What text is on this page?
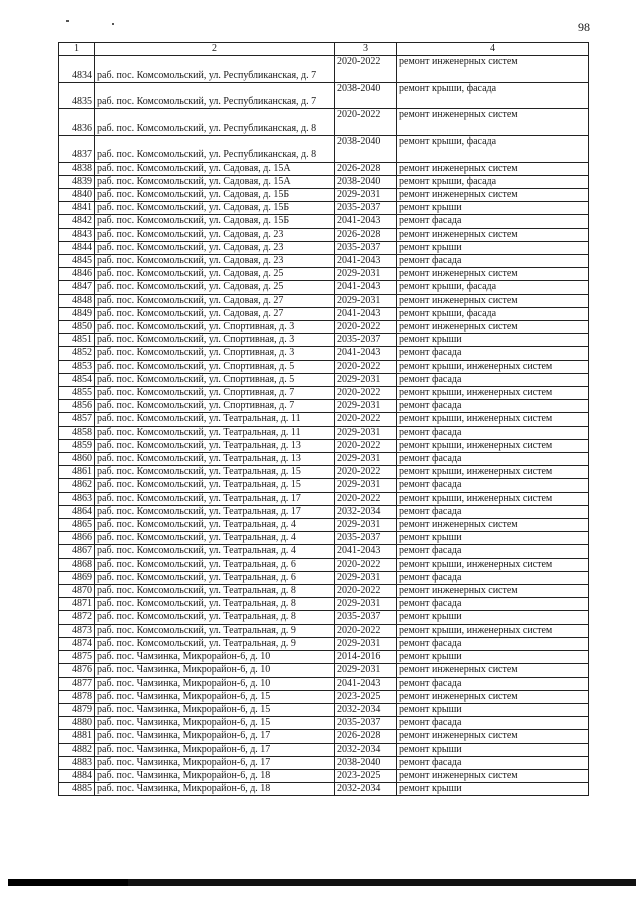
98
1	2	3	4
4834	раб. пос. Комсомольский, ул. Республиканская, д. 7	2020-2022	ремонт инженерных систем
4835	раб. пос. Комсомольский, ул. Республиканская, д. 7	2038-2040	ремонт крыши, фасада
4836	раб. пос. Комсомольский, ул. Республиканская, д. 8	2020-2022	ремонт инженерных систем
4837	раб. пос. Комсомольский, ул. Республиканская, д. 8	2038-2040	ремонт крыши, фасада
4838	раб. пос. Комсомольский, ул. Садовая, д. 15А	2026-2028	ремонт инженерных систем
4839	раб. пос. Комсомольский, ул. Садовая, д. 15А	2038-2040	ремонт крыши, фасада
4840	раб. пос. Комсомольский, ул. Садовая, д. 15Б	2029-2031	ремонт инженерных систем
4841	раб. пос. Комсомольский, ул. Садовая, д. 15Б	2035-2037	ремонт крыши
4842	раб. пос. Комсомольский, ул. Садовая, д. 15Б	2041-2043	ремонт фасада
4843	раб. пос. Комсомольский, ул. Садовая, д. 23	2026-2028	ремонт инженерных систем
4844	раб. пос. Комсомольский, ул. Садовая, д. 23	2035-2037	ремонт крыши
4845	раб. пос. Комсомольский, ул. Садовая, д. 23	2041-2043	ремонт фасада
4846	раб. пос. Комсомольский, ул. Садовая, д. 25	2029-2031	ремонт инженерных систем
4847	раб. пос. Комсомольский, ул. Садовая, д. 25	2041-2043	ремонт крыши, фасада
4848	раб. пос. Комсомольский, ул. Садовая, д. 27	2029-2031	ремонт инженерных систем
4849	раб. пос. Комсомольский, ул. Садовая, д. 27	2041-2043	ремонт крыши, фасада
4850	раб. пос. Комсомольский, ул. Спортивная, д. 3	2020-2022	ремонт инженерных систем
4851	раб. пос. Комсомольский, ул. Спортивная, д. 3	2035-2037	ремонт крыши
4852	раб. пос. Комсомольский, ул. Спортивная, д. 3	2041-2043	ремонт фасада
4853	раб. пос. Комсомольский, ул. Спортивная, д. 5	2020-2022	ремонт крыши, инженерных систем
4854	раб. пос. Комсомольский, ул. Спортивная, д. 5	2029-2031	ремонт фасада
4855	раб. пос. Комсомольский, ул. Спортивная, д. 7	2020-2022	ремонт крыши, инженерных систем
4856	раб. пос. Комсомольский, ул. Спортивная, д. 7	2029-2031	ремонт фасада
4857	раб. пос. Комсомольский, ул. Театральная, д. 11	2020-2022	ремонт крыши, инженерных систем
4858	раб. пос. Комсомольский, ул. Театральная, д. 11	2029-2031	ремонт фасада
4859	раб. пос. Комсомольский, ул. Театральная, д. 13	2020-2022	ремонт крыши, инженерных систем
4860	раб. пос. Комсомольский, ул. Театральная, д. 13	2029-2031	ремонт фасада
4861	раб. пос. Комсомольский, ул. Театральная, д. 15	2020-2022	ремонт крыши, инженерных систем
4862	раб. пос. Комсомольский, ул. Театральная, д. 15	2029-2031	ремонт фасада
4863	раб. пос. Комсомольский, ул. Театральная, д. 17	2020-2022	ремонт крыши, инженерных систем
4864	раб. пос. Комсомольский, ул. Театральная, д. 17	2032-2034	ремонт фасада
4865	раб. пос. Комсомольский, ул. Театральная, д. 4	2029-2031	ремонт инженерных систем
4866	раб. пос. Комсомольский, ул. Театральная, д. 4	2035-2037	ремонт крыши
4867	раб. пос. Комсомольский, ул. Театральная, д. 4	2041-2043	ремонт фасада
4868	раб. пос. Комсомольский, ул. Театральная, д. 6	2020-2022	ремонт крыши, инженерных систем
4869	раб. пос. Комсомольский, ул. Театральная, д. 6	2029-2031	ремонт фасада
4870	раб. пос. Комсомольский, ул. Театральная, д. 8	2020-2022	ремонт инженерных систем
4871	раб. пос. Комсомольский, ул. Театральная, д. 8	2029-2031	ремонт фасада
4872	раб. пос. Комсомольский, ул. Театральная, д. 8	2035-2037	ремонт крыши
4873	раб. пос. Комсомольский, ул. Театральная, д. 9	2020-2022	ремонт крыши, инженерных систем
4874	раб. пос. Комсомольский, ул. Театральная, д. 9	2029-2031	ремонт фасада
4875	раб. пос. Чамзинка, Микрорайон-6, д. 10	2014-2016	ремонт крыши
4876	раб. пос. Чамзинка, Микрорайон-6, д. 10	2029-2031	ремонт инженерных систем
4877	раб. пос. Чамзинка, Микрорайон-6, д. 10	2041-2043	ремонт фасада
4878	раб. пос. Чамзинка, Микрорайон-6, д. 15	2023-2025	ремонт инженерных систем
4879	раб. пос. Чамзинка, Микрорайон-6, д. 15	2032-2034	ремонт крыши
4880	раб. пос. Чамзинка, Микрорайон-6, д. 15	2035-2037	ремонт фасада
4881	раб. пос. Чамзинка, Микрорайон-6, д. 17	2026-2028	ремонт инженерных систем
4882	раб. пос. Чамзинка, Микрорайон-6, д. 17	2032-2034	ремонт крыши
4883	раб. пос. Чамзинка, Микрорайон-6, д. 17	2038-2040	ремонт фасада
4884	раб. пос. Чамзинка, Микрорайон-6, д. 18	2023-2025	ремонт инженерных систем
4885	раб. пос. Чамзинка, Микрорайон-6, д. 18	2032-2034	ремонт крыши
